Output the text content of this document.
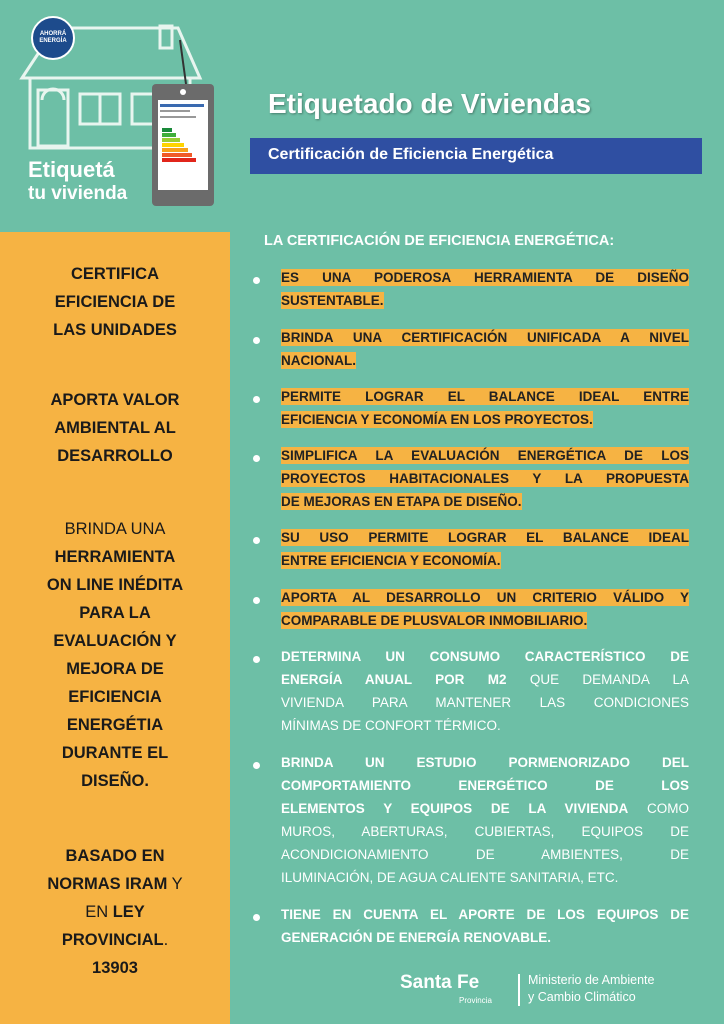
AHORRÁ
ENERGÍA
Etiquetá
tu vivienda
Etiquetado de Viviendas
Certificación de Eficiencia Energética
CERTIFICA
EFICIENCIA DE
LAS UNIDADES
APORTA VALOR
AMBIENTAL AL
DESARROLLO
BRINDA UNA
HERRAMIENTA
ON LINE INÉDITA
PARA LA
EVALUACIÓN Y
MEJORA DE
EFICIENCIA
ENERGÉTIA
DURANTE EL
DISEÑO.
BASADO EN
NORMAS IRAM Y
EN LEY
PROVINCIAL.
13903
LA CERTIFICACIÓN DE EFICIENCIA ENERGÉTICA:
ES UNA PODEROSA HERRAMIENTA DE DISEÑO
SUSTENTABLE.
BRINDA UNA CERTIFICACIÓN UNIFICADA A NIVEL
NACIONAL.
PERMITE LOGRAR EL BALANCE IDEAL ENTRE
EFICIENCIA Y ECONOMÍA EN LOS PROYECTOS.
SIMPLIFICA LA EVALUACIÓN ENERGÉTICA DE LOS
PROYECTOS HABITACIONALES Y LA PROPUESTA
DE MEJORAS EN ETAPA DE DISEÑO.
SU USO PERMITE LOGRAR EL BALANCE IDEAL
ENTRE EFICIENCIA Y ECONOMÍA.
APORTA AL DESARROLLO UN CRITERIO VÁLIDO Y
COMPARABLE DE PLUSVALOR INMOBILIARIO.
DETERMINA UN CONSUMO CARACTERÍSTICO DE
ENERGÍA ANUAL POR M2 QUE DEMANDA LA
VIVIENDA PARA MANTENER LAS CONDICIONES
MÍNIMAS DE CONFORT TÉRMICO.
BRINDA UN ESTUDIO PORMENORIZADO DEL
COMPORTAMIENTO ENERGÉTICO DE LOS
ELEMENTOS Y EQUIPOS DE LA VIVIENDA COMO
MUROS, ABERTURAS, CUBIERTAS, EQUIPOS DE
ACONDICIONAMIENTO DE AMBIENTES, DE
ILUMINACIÓN, DE AGUA CALIENTE SANITARIA, ETC.
TIENE EN CUENTA EL APORTE DE LOS EQUIPOS DE
GENERACIÓN DE ENERGÍA RENOVABLE.
Santa Fe
Provincia
Ministerio de Ambiente
y Cambio Climático
